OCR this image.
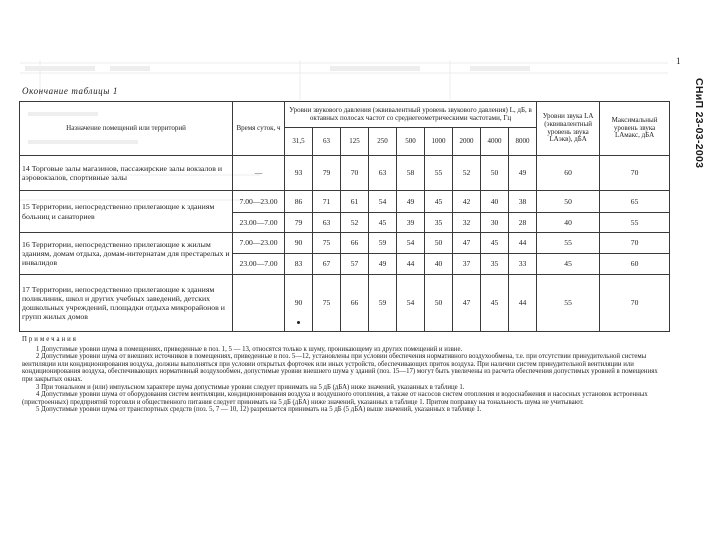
1
СНиП 23-03-2003
Окончание таблицы 1
Назначение помещений или территорий	Время суток, ч	Уровни звукового давления (эквивалентный уровень звукового давления) L, дБ, в октавных полосах частот со среднегеометрическими частотами, Гц									Уровни звука LA (эквивалентный уровень звука LAэкв), дБА	Максимальный уровень звука LAмакс, дБА
		31,5	63	125	250	500	1000	2000	4000	8000		
14 Торговые залы магазинов, пассажирские залы вокзалов и аэровокзалов, спортивные залы	—	93	79	70	63	58	55	52	50	49	60	70
15 Территории, непосредственно прилегающие к зданиям больниц и санаториев	7.00—23.00	86	71	61	54	49	45	42	40	38	50	65
	23.00—7.00	79	63	52	45	39	35	32	30	28	40	55
16 Территории, непосредственно прилегающие к жилым зданиям, домам отдыха, домам-интернатам для престарелых и инвалидов	7.00—23.00	90	75	66	59	54	50	47	45	44	55	70
	23.00—7.00	83	67	57	49	44	40	37	35	33	45	60
17 Территории, непосредственно прилегающие к зданиям поликлиник, школ и других учебных заведений, детских дошкольных учреждений, площадки отдыха микрорайонов и групп жилых домов		90	75	66	59	54	50	47	45	44	55	70
Примечания

1 Допустимые уровни шума в помещениях, приведенные в поз. 1, 5 — 13, относятся только к шуму, проникающему из других помещений и извне.

2 Допустимые уровни шума от внешних источников в помещениях, приведенные в поз. 5—12, установлены при условии обеспечения нормативного воздухообмена, т.е. при отсутствии принудительной системы вентиляции или кондиционирования воздуха, должны выполняться при условии открытых форточек или иных устройств, обеспечивающих приток воздуха. При наличии систем принудительной вентиляции или кондиционирования воздуха, обеспечивающих нормативный воздухообмен, допустимые уровни внешнего шума у зданий (поз. 15—17) могут быть увеличены из расчета обеспечения допустимых уровней в помещениях при закрытых окнах.

3 При тональном и (или) импульсном характере шума допустимые уровни следует принимать на 5 дБ (дБА) ниже значений, указанных в таблице 1.

4 Допустимые уровни шума от оборудования систем вентиляции, кондиционирования воздуха и воздушного отопления, а также от насосов систем отопления и водоснабжения и насосных установок встроенных (пристроенных) предприятий торговли и общественного питания следует принимать на 5 дБ (дБА) ниже значений, указанных в таблице 1. Притом поправку на тональность шума не учитывают.

5 Допустимые уровни шума от транспортных средств (поз. 5, 7 — 10, 12) разрешается принимать на 5 дБ (5 дБА) выше значений, указанных в таблице 1.
